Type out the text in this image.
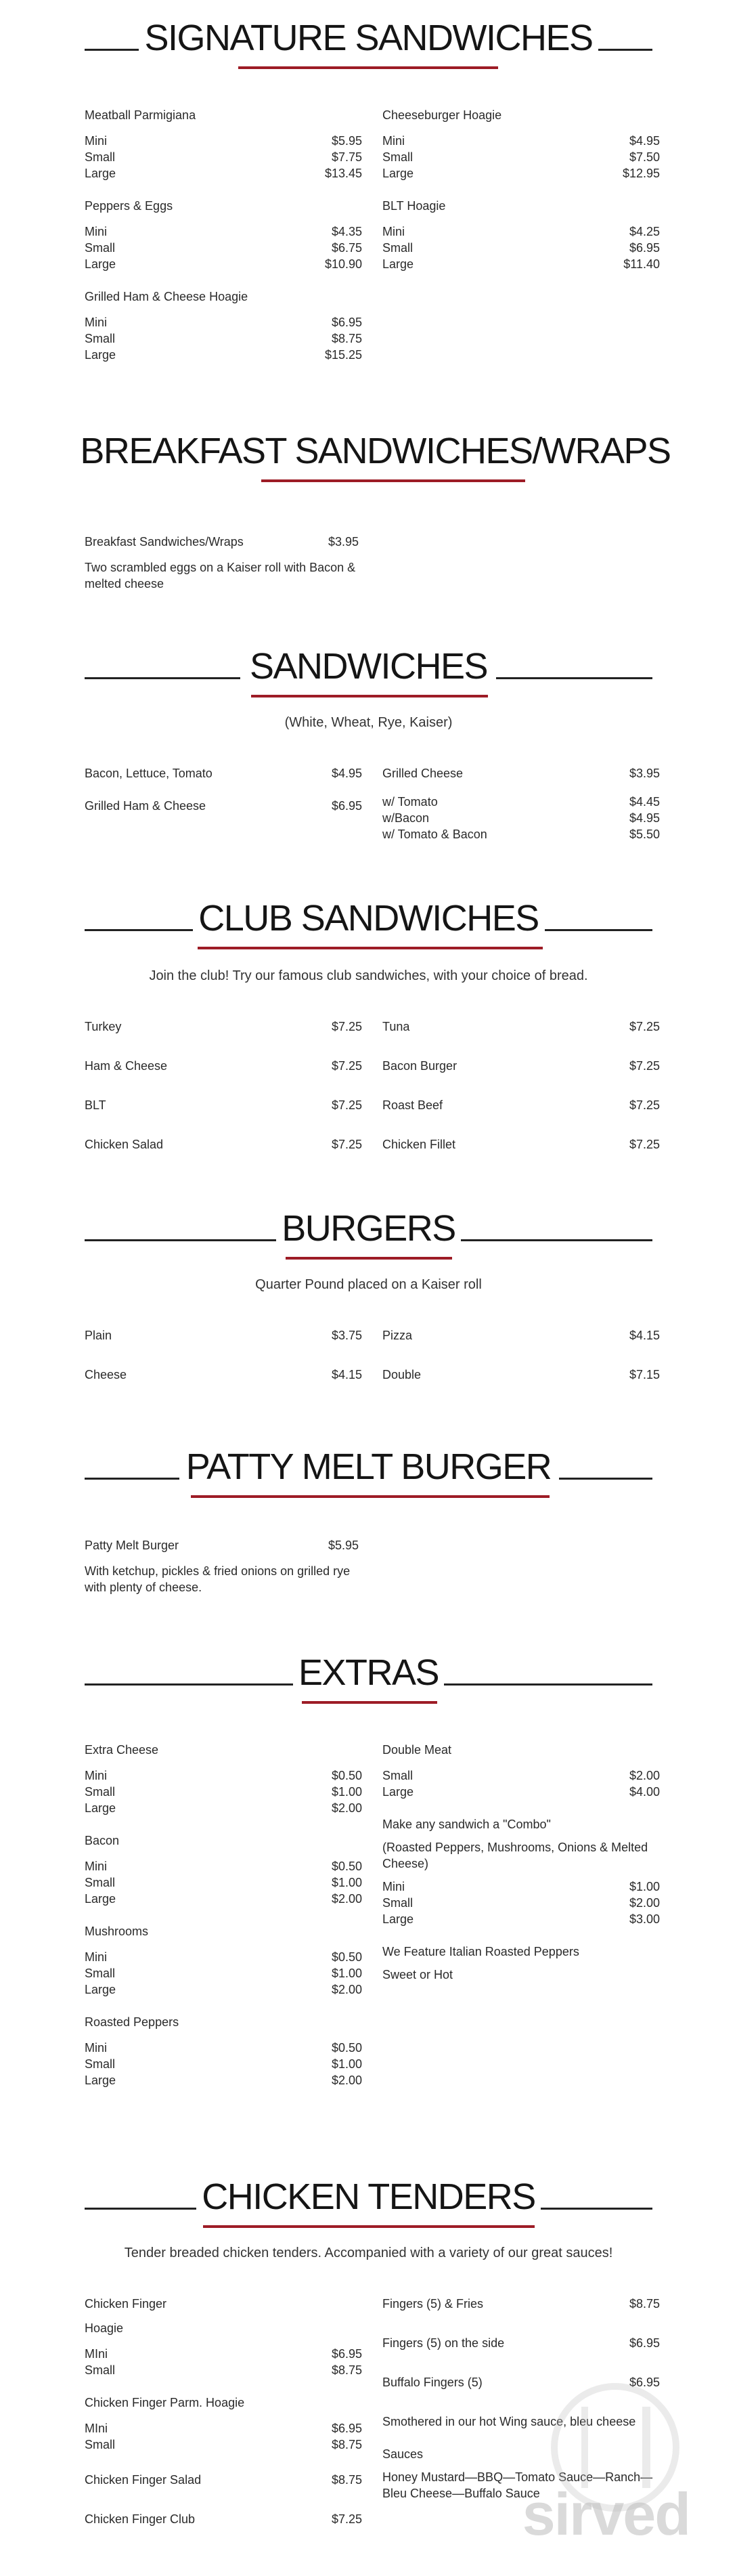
SIGNATURE SANDWICHES
Meatball Parmigiana
Mini	$5.95
Small	$7.75
Large	$13.45
Peppers & Eggs
Mini	$4.35
Small	$6.75
Large	$10.90
Grilled Ham & Cheese Hoagie
Mini	$6.95
Small	$8.75
Large	$15.25
Cheeseburger Hoagie
Mini	$4.95
Small	$7.50
Large	$12.95
BLT Hoagie
Mini	$4.25
Small	$6.95
Large	$11.40
BREAKFAST SANDWICHES/WRAPS
Breakfast Sandwiches/Wraps	$3.95
Two scrambled eggs on a Kaiser roll with Bacon & melted cheese
SANDWICHES
(White, Wheat, Rye, Kaiser)
Bacon, Lettuce, Tomato	$4.95
Grilled Ham & Cheese	$6.95
Grilled Cheese	$3.95
w/ Tomato	$4.45
w/Bacon	$4.95
w/ Tomato & Bacon	$5.50
CLUB SANDWICHES
Join the club! Try our famous club sandwiches, with your choice of bread.
Turkey	$7.25
Ham & Cheese	$7.25
BLT	$7.25
Chicken Salad	$7.25
Tuna	$7.25
Bacon Burger	$7.25
Roast Beef	$7.25
Chicken Fillet	$7.25
BURGERS
Quarter Pound placed on a Kaiser roll
Plain	$3.75
Cheese	$4.15
Pizza	$4.15
Double	$7.15
PATTY MELT BURGER
Patty Melt Burger	$5.95
With ketchup, pickles & fried onions on grilled rye with plenty of cheese.
EXTRAS
Extra Cheese
Mini	$0.50
Small	$1.00
Large	$2.00
Bacon
Mini	$0.50
Small	$1.00
Large	$2.00
Mushrooms
Mini	$0.50
Small	$1.00
Large	$2.00
Roasted Peppers
Mini	$0.50
Small	$1.00
Large	$2.00
Double Meat
Small	$2.00
Large	$4.00
Make any sandwich a "Combo"
(Roasted Peppers, Mushrooms, Onions & Melted Cheese)
Mini	$1.00
Small	$2.00
Large	$3.00
We Feature Italian Roasted Peppers
Sweet or Hot
CHICKEN TENDERS
Tender breaded chicken tenders. Accompanied with a variety of our great sauces!
Chicken Finger
Hoagie
MIni	$6.95
Small	$8.75
Chicken Finger Parm. Hoagie
MIni	$6.95
Small	$8.75
Chicken Finger Salad	$8.75
Chicken Finger Club	$7.25
Fingers (5) & Fries	$8.75
Fingers (5) on the side	$6.95
Buffalo Fingers (5)	$6.95
Smothered in our hot Wing sauce, bleu cheese
Sauces
Honey Mustard—BBQ—Tomato Sauce—Ranch—Bleu Cheese—Buffalo Sauce
sirved
